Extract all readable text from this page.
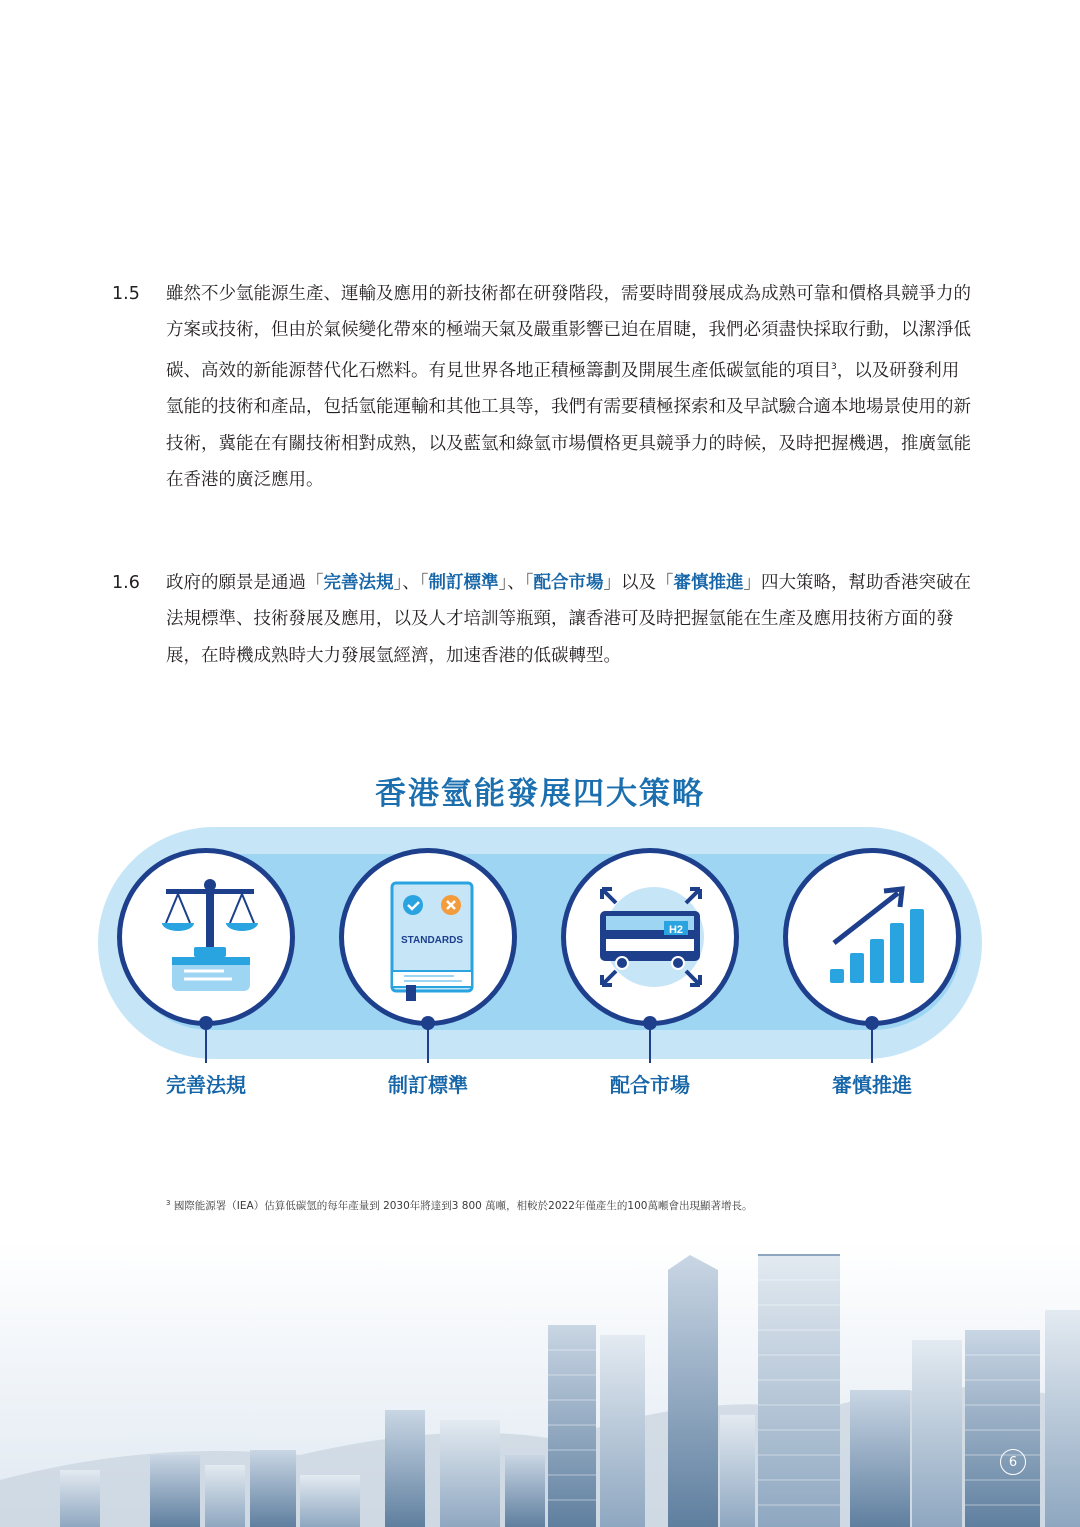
1.5	雖然不少氫能源生產、運輸及應用的新技術都在研發階段，需要時間發展成為成熟可靠和價格具競爭力的方案或技術，但由於氣候變化帶來的極端天氣及嚴重影響已迫在眉睫，我們必須盡快採取行動，以潔淨低碳、高效的新能源替代化石燃料。有見世界各地正積極籌劃及開展生產低碳氫能的項目$^3$，以及研發利用氫能的技術和產品，包括氫能運輸和其他工具等，我們有需要積極探索和及早試驗合適本地場景使用的新技術，冀能在有關技術相對成熟，以及藍氫和綠氫市場價格更具競爭力的時候，及時把握機遇，推廣氫能在香港的廣泛應用。
1.6	政府的願景是通過「完善法規」、「制訂標準」、「配合市場」以及「審慎推進」四大策略，幫助香港突破在法規標準、技術發展及應用，以及人才培訓等瓶頸，讓香港可及時把握氫能在生產及應用技術方面的發展，在時機成熟時大力發展氫經濟，加速香港的低碳轉型。
香港氫能發展四大策略
完善法規
STANDARDS
制訂標準
H2
配合市場	審慎推進
$^3$ 國際能源署（IEA）估算低碳氫的每年產量到 2030年將達到3 800 萬噸，相較於2022年僅產生的100萬噸會出現顯著增長。
6
